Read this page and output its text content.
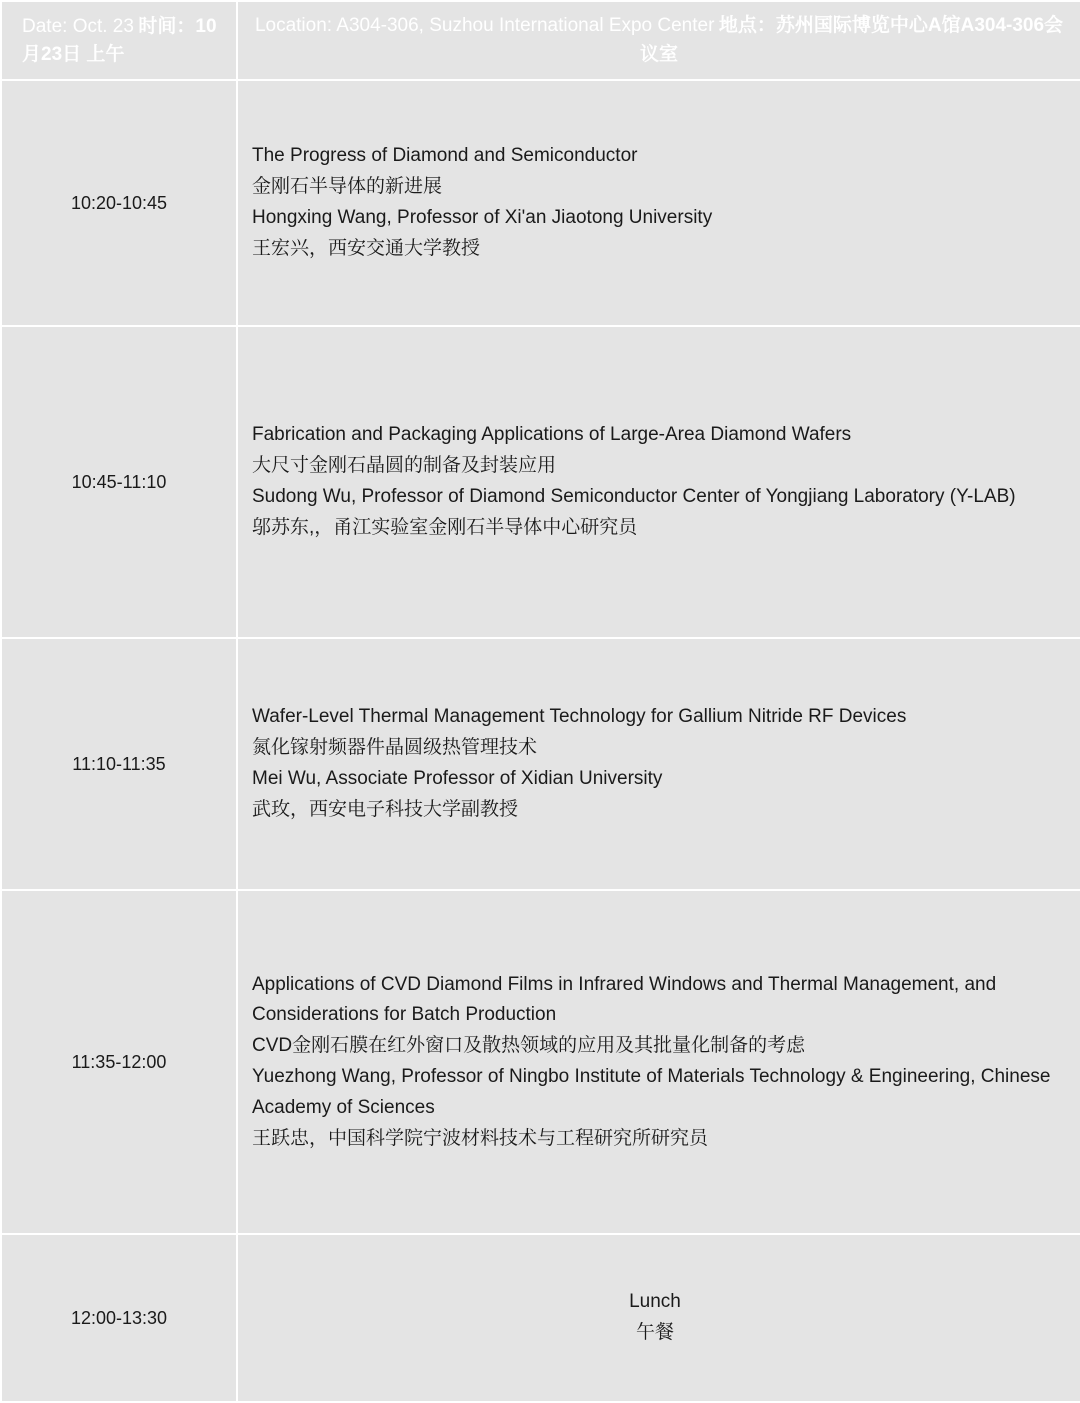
Date: Oct. 23 时间：10月23日 上午	Location: A304-306, Suzhou International Expo Center 地点：苏州国际博览中心A馆A304-306会议室
10:20-10:45	The Progress of Diamond and Semiconductor
金刚石半导体的新进展
Hongxing Wang, Professor of Xi'an Jiaotong University
王宏兴，西安交通大学教授

10:45-11:10	Fabrication and Packaging Applications of Large-Area Diamond Wafers
大尺寸金刚石晶圆的制备及封装应用
Sudong Wu, Professor of Diamond Semiconductor Center of Yongjiang Laboratory (Y-LAB)
邬苏东,，甬江实验室金刚石半导体中心研究员

11:10-11:35	Wafer-Level Thermal Management Technology for Gallium Nitride RF Devices
氮化镓射频器件晶圆级热管理技术
Mei Wu, Associate Professor of Xidian University
武玫，西安电子科技大学副教授

11:35-12:00	Applications of CVD Diamond Films in Infrared Windows and Thermal Management, and Considerations for Batch Production
CVD金刚石膜在红外窗口及散热领域的应用及其批量化制备的考虑
Yuezhong Wang, Professor of Ningbo Institute of Materials Technology & Engineering, Chinese Academy of Sciences
王跃忠，中国科学院宁波材料技术与工程研究所研究员

12:00-13:30	Lunch
午餐
